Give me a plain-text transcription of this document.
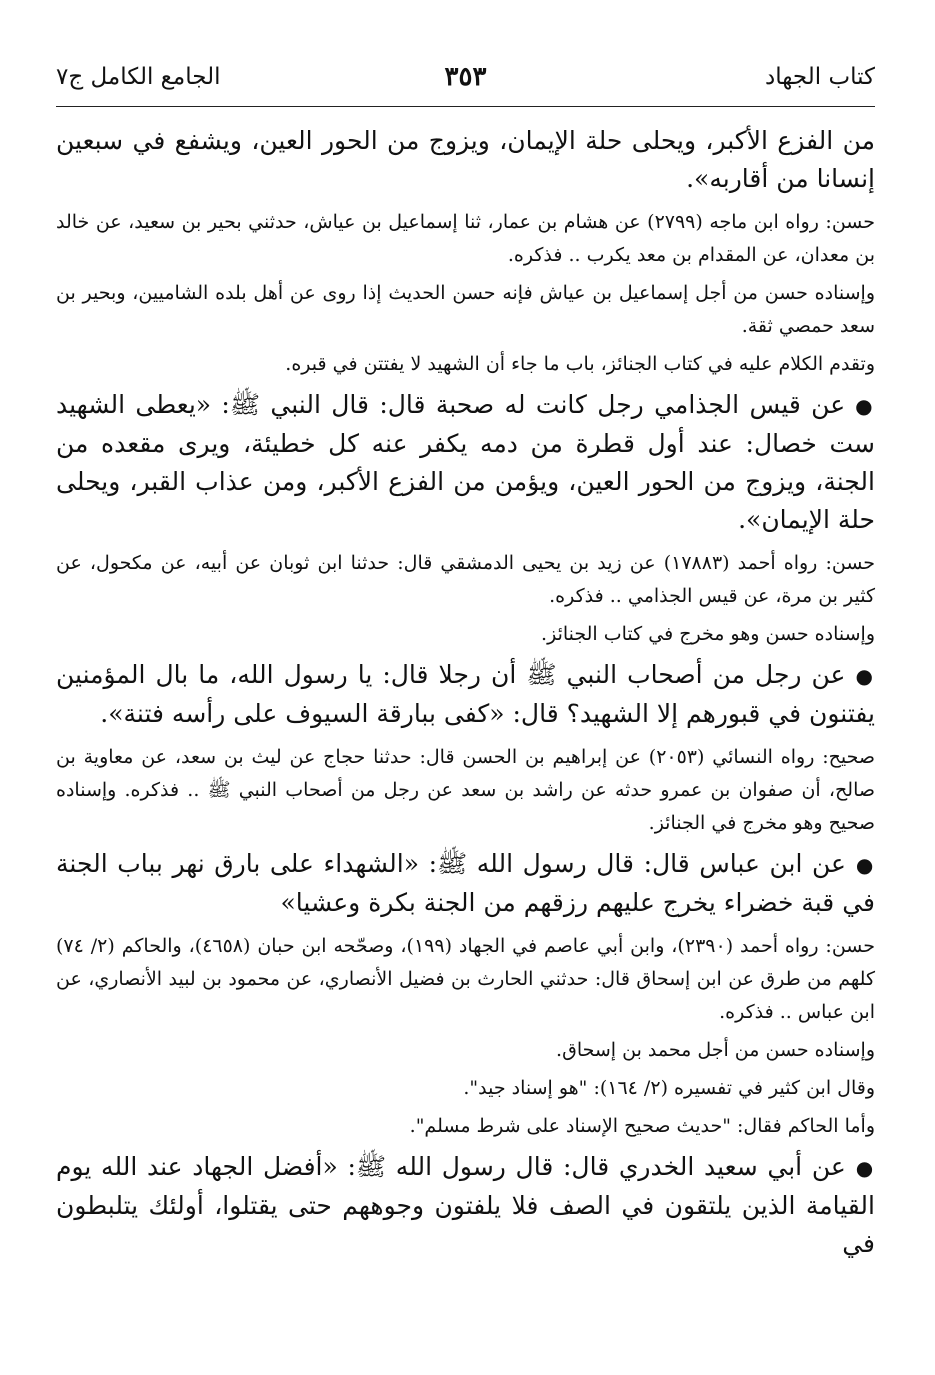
كتاب الجهاد
٣٥٣
الجامع الكامل ج٧

من الفزع الأكبر، ويحلى حلة الإيمان، ويزوج من الحور العين، ويشفع في سبعين إنسانا من أقاربه».

حسن: رواه ابن ماجه (٢٧٩٩) عن هشام بن عمار، ثنا إسماعيل بن عياش، حدثني بحير بن سعيد، عن خالد بن معدان، عن المقدام بن معد يكرب .. فذكره.

وإسناده حسن من أجل إسماعيل بن عياش فإنه حسن الحديث إذا روى عن أهل بلده الشاميين، وبحير بن سعد حمصي ثقة.

وتقدم الكلام عليه في كتاب الجنائز، باب ما جاء أن الشهيد لا يفتتن في قبره.

●عن قيس الجذامي رجل كانت له صحبة قال: قال النبي ﷺ: «يعطى الشهيد ست خصال: عند أول قطرة من دمه يكفر عنه كل خطيئة، ويرى مقعده من الجنة، ويزوج من الحور العين، ويؤمن من الفزع الأكبر، ومن عذاب القبر، ويحلى حلة الإيمان».

حسن: رواه أحمد (١٧٨٨٣) عن زيد بن يحيى الدمشقي قال: حدثنا ابن ثوبان عن أبيه، عن مكحول، عن كثير بن مرة، عن قيس الجذامي .. فذكره.

وإسناده حسن وهو مخرج في كتاب الجنائز.

●عن رجل من أصحاب النبي ﷺ أن رجلا قال: يا رسول الله، ما بال المؤمنين يفتنون في قبورهم إلا الشهيد؟ قال: «كفى ببارقة السيوف على رأسه فتنة».

صحيح: رواه النسائي (٢٠٥٣) عن إبراهيم بن الحسن قال: حدثنا حجاج عن ليث بن سعد، عن معاوية بن صالح، أن صفوان بن عمرو حدثه عن راشد بن سعد عن رجل من أصحاب النبي ﷺ .. فذكره. وإسناده صحيح وهو مخرج في الجنائز.

●عن ابن عباس قال: قال رسول الله ﷺ: «الشهداء على بارق نهر بباب الجنة في قبة خضراء يخرج عليهم رزقهم من الجنة بكرة وعشيا»

حسن: رواه أحمد (٢٣٩٠)، وابن أبي عاصم في الجهاد (١٩٩)، وصحّحه ابن حبان (٤٦٥٨)، والحاكم (٢/ ٧٤) كلهم من طرق عن ابن إسحاق قال: حدثني الحارث بن فضيل الأنصاري، عن محمود بن لبيد الأنصاري، عن ابن عباس .. فذكره.

وإسناده حسن من أجل محمد بن إسحاق.

وقال ابن كثير في تفسيره (٢/ ١٦٤): "هو إسناد جيد".

وأما الحاكم فقال: "حديث صحيح الإسناد على شرط مسلم".

●عن أبي سعيد الخدري قال: قال رسول الله ﷺ: «أفضل الجهاد عند الله يوم القيامة الذين يلتقون في الصف فلا يلفتون وجوههم حتى يقتلوا، أولئك يتلبطون في
